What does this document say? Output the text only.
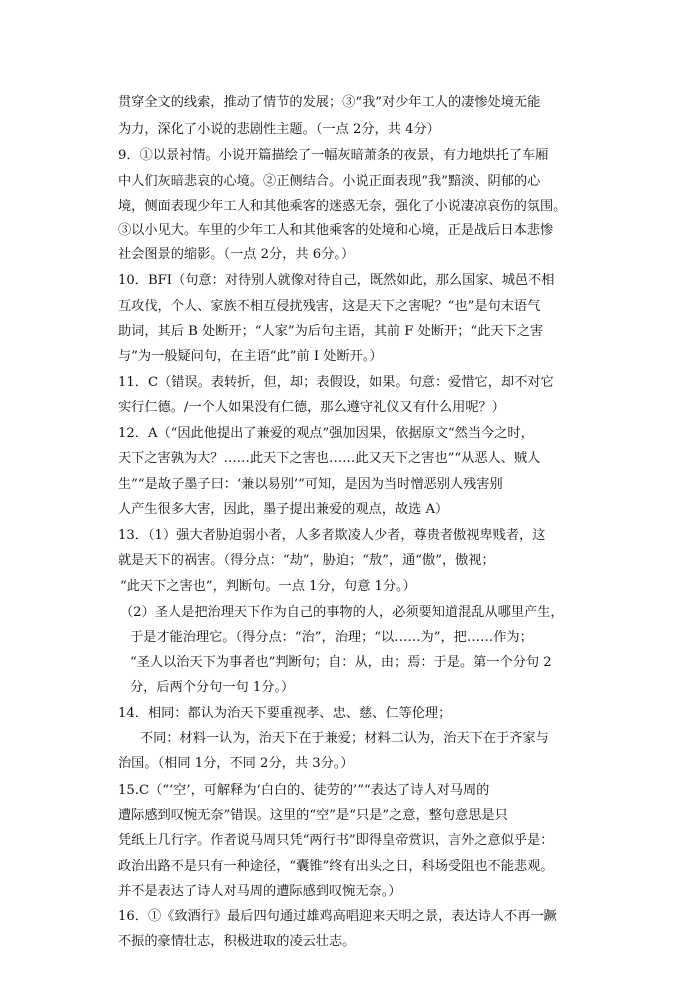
贯穿全文的线索，推动了情节的发展；③“我”对少年工人的凄惨处境无能
为力，深化了小说的悲剧性主题。（一点 2分，共 4分）
9．①以景衬情。小说开篇描绘了一幅灰暗萧条的夜景，有力地烘托了车厢
中人们灰暗悲哀的心境。②正侧结合。小说正面表现“我”黯淡、阴郁的心
境，侧面表现少年工人和其他乘客的迷惑无奈，强化了小说凄凉哀伤的氛围。
③以小见大。车里的少年工人和其他乘客的处境和心境，正是战后日本悲惨
社会图景的缩影。（一点 2分，共 6分。）
10．BFI（句意：对待别人就像对待自己，既然如此，那么国家、城邑不相
互攻伐，个人、家族不相互侵扰残害，这是天下之害呢？“也”是句末语气
助词，其后 B 处断开；“人家”为后句主语，其前 F 处断开；“此天下之害
与”为一般疑问句，在主语“此”前 I 处断开。）
11．C（错误。表转折，但，却；表假设，如果。句意：爱惜它，却不对它
实行仁德。/一个人如果没有仁德，那么遵守礼仪又有什么用呢？）
12．A（“因此他提出了兼爱的观点”强加因果，依据原文“然当今之时，
天下之害孰为大？……此天下之害也……此又天下之害也”“从恶人、贼人
生”“是故子墨子曰：‘兼以易别’”可知，是因为当时憎恶别人残害别
人产生很多大害，因此，墨子提出兼爱的观点，故选 A）
13．（1）强大者胁迫弱小者，人多者欺凌人少者，尊贵者傲视卑贱者，这
就是天下的祸害。（得分点：“劫”，胁迫；“敖”，通“傲”，傲视；
“此天下之害也”，判断句。一点 1分，句意 1分。）
（2）圣人是把治理天下作为自己的事物的人，必须要知道混乱从哪里产生，
于是才能治理它。（得分点：“治”，治理；“以……为”，把……作为；
“圣人以治天下为事者也”判断句；自：从，由；焉：于是。第一个分句 2
分，后两个分句一句 1分。）
14．相同：都认为治天下要重视孝、忠、慈、仁等伦理；
不同：材料一认为，治天下在于兼爱；材料二认为，治天下在于齐家与
治国。（相同 1分，不同 2分，共 3分。）
15.C（“‘空’，可解释为‘白白的、徒劳的’”“表达了诗人对马周的
遭际感到叹惋无奈”错误。这里的“空”是“只是”之意，整句意思是只
凭纸上几行字。作者说马周只凭“两行书”即得皇帝赏识，言外之意似乎是：
政治出路不是只有一种途径，“囊锥”终有出头之日，科场受阻也不能悲观。
并不是表达了诗人对马周的遭际感到叹惋无奈。）
16．①《致酒行》最后四句通过雄鸡高唱迎来天明之景，表达诗人不再一蹶
不振的豪情壮志，积极进取的凌云壮志。
